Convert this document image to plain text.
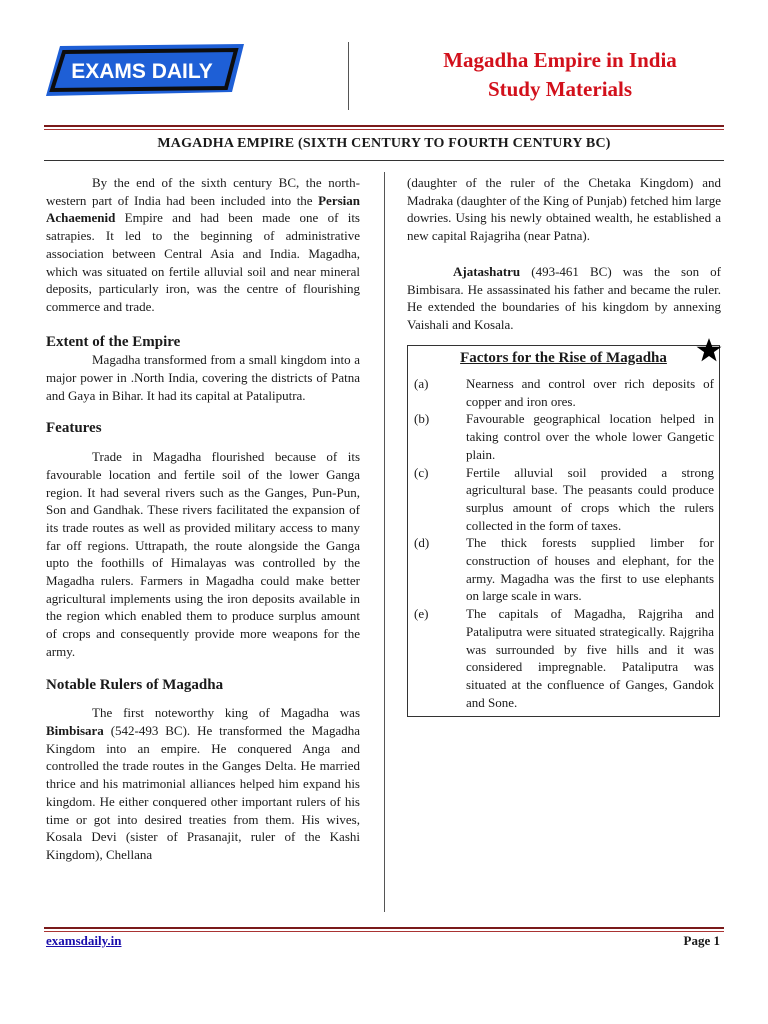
EXAMS DAILY	Magadha Empire in India
Study Materials
MAGADHA EMPIRE (SIXTH CENTURY TO FOURTH CENTURY BC)

By the end of the sixth century BC, the north-western part of India had been included into the Persian Achaemenid Empire and had been made one of its satrapies. It led to the beginning of administrative association between Central Asia and India. Magadha, which was situated on fertile alluvial soil and near mineral deposits, particularly iron, was the centre of flourishing commerce and trade.

Extent of the Empire

Magadha transformed from a small kingdom into a major power in .North India, covering the districts of Patna and Gaya in Bihar. It had its capital at Pataliputra.

Features

Trade in Magadha flourished because of its favourable location and fertile soil of the lower Ganga region. It had several rivers such as the Ganges, Pun-Pun, Son and Gandhak. These rivers facilitated the expansion of its trade routes as well as provided military access to many far off regions. Uttrapath, the route alongside the Ganga upto the foothills of Himalayas was controlled by the Magadha rulers. Farmers in Magadha could make better agricultural implements using the iron deposits available in the region which enabled them to produce surplus amount of crops and consequently provide more weapons for the army.

Notable Rulers of Magadha

The first noteworthy king of Magadha was Bimbisara (542-493 BC). He transformed the Magadha Kingdom into an empire. He conquered Anga and controlled the trade routes in the Ganges Delta. He married thrice and his matrimonial alliances helped him expand his kingdom. He either conquered other important rulers of his time or got into desired treaties from them. His wives, Kosala Devi (sister of Prasanajit, ruler of the Kashi Kingdom), Chellana

(daughter of the ruler of the Chetaka Kingdom) and Madraka (daughter of the King of Punjab) fetched him large dowries. Using his newly obtained wealth, he established a new capital Rajagriha (near Patna).

Ajatashatru (493-461 BC) was the son of Bimbisara. He assassinated his father and became the ruler. He extended the boundaries of his kingdom by annexing Vaishali and Kosala.

Factors for the Rise of Magadha
(a)	Nearness and control over rich deposits of copper and iron ores.
(b)	Favourable geographical location helped in taking control over the whole lower Gangetic plain.
(c)	Fertile alluvial soil provided a strong agricultural base. The peasants could produce surplus amount of crops which the rulers collected in the form of taxes.
(d)	The thick forests supplied limber for construction of houses and elephant, for the army. Magadha was the first to use elephants on large scale in wars.
(e)	The capitals of Magadha, Rajgriha and Pataliputra were situated strategically. Rajgriha was surrounded by five hills and it was considered impregnable. Pataliputra was situated at the confluence of Ganges, Gandok and Sone.
examsdaily.in	Page 1
